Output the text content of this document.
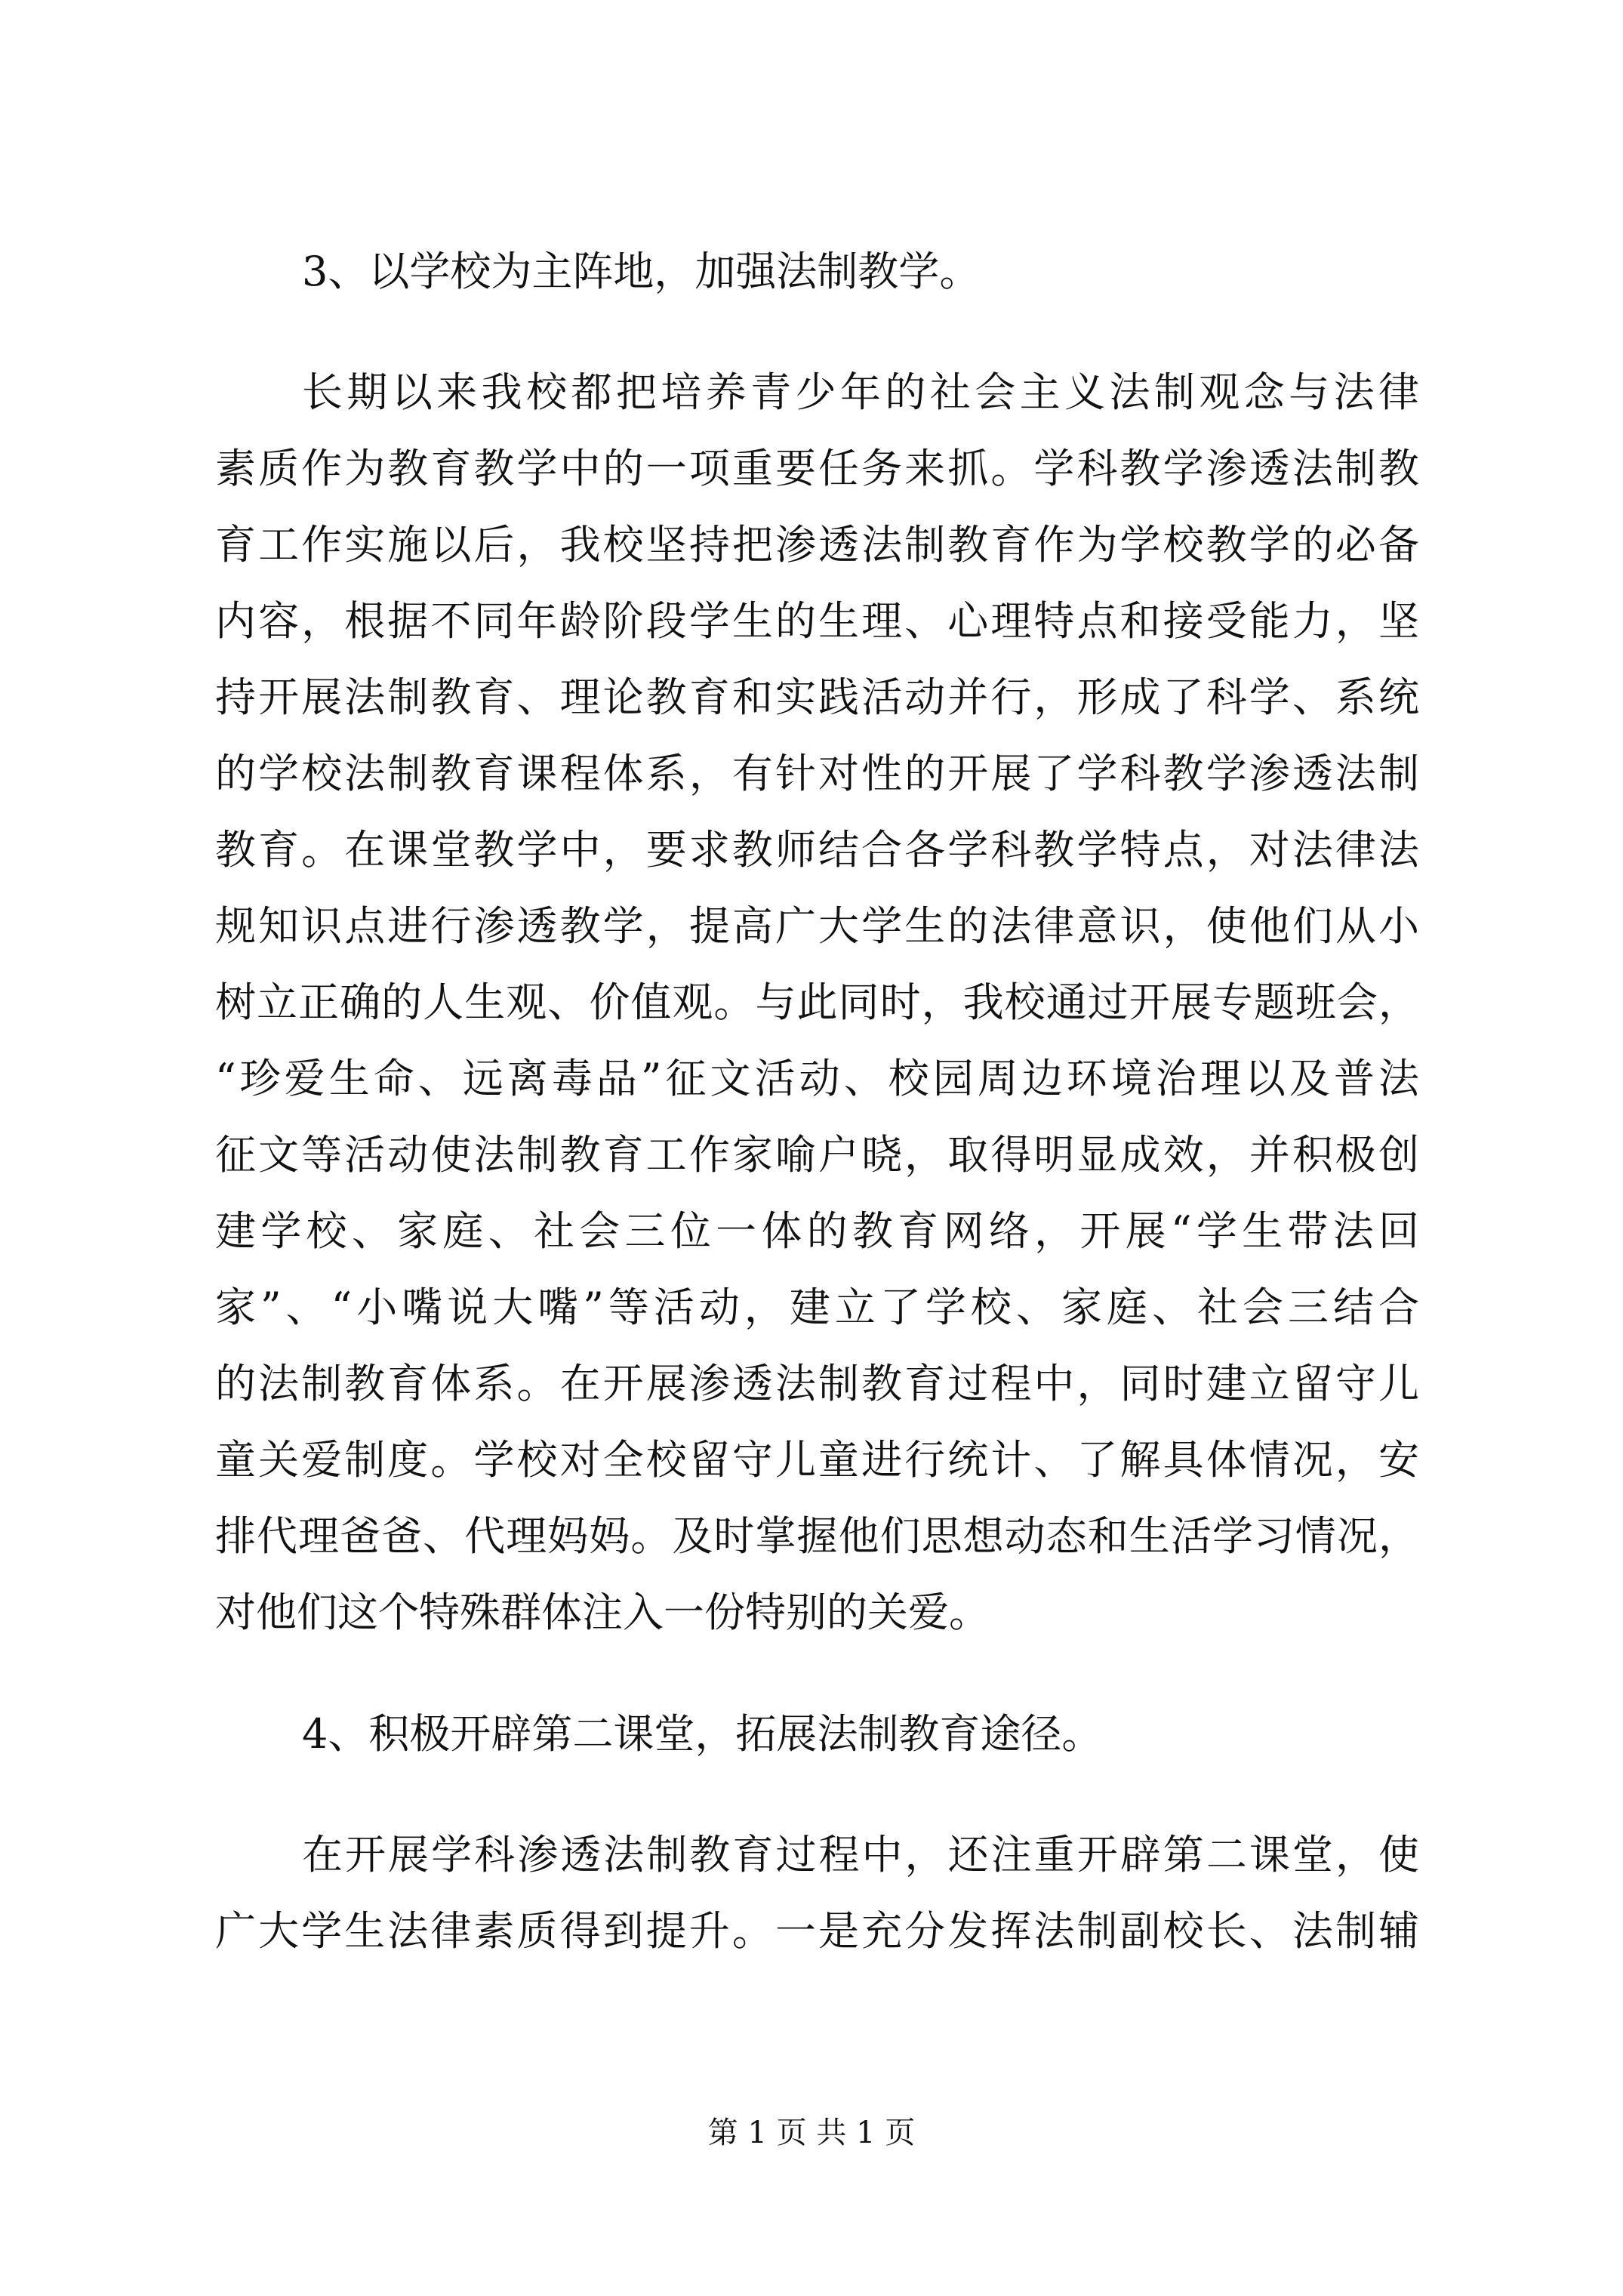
3、以学校为主阵地，加强法制教学。
长期以来我校都把培养青少年的社会主义法制观念与法律
素质作为教育教学中的一项重要任务来抓。学科教学渗透法制教
育工作实施以后，我校坚持把渗透法制教育作为学校教学的必备
内容，根据不同年龄阶段学生的生理、心理特点和接受能力，坚
持开展法制教育、理论教育和实践活动并行，形成了科学、系统
的学校法制教育课程体系，有针对性的开展了学科教学渗透法制
教育。在课堂教学中，要求教师结合各学科教学特点，对法律法
规知识点进行渗透教学，提高广大学生的法律意识，使他们从小
树立正确的人生观、价值观。与此同时，我校通过开展专题班会，
“珍爱生命、远离毒品”征文活动、校园周边环境治理以及普法
征文等活动使法制教育工作家喻户晓，取得明显成效，并积极创
建学校、家庭、社会三位一体的教育网络，开展“学生带法回
家”、“小嘴说大嘴”等活动，建立了学校、家庭、社会三结合
的法制教育体系。在开展渗透法制教育过程中，同时建立留守儿
童关爱制度。学校对全校留守儿童进行统计、了解具体情况，安
排代理爸爸、代理妈妈。及时掌握他们思想动态和生活学习情况，
对他们这个特殊群体注入一份特别的关爱。
4、积极开辟第二课堂，拓展法制教育途径。
在开展学科渗透法制教育过程中，还注重开辟第二课堂，使
广大学生法律素质得到提升。一是充分发挥法制副校长、法制辅
第 1 页 共 1 页
